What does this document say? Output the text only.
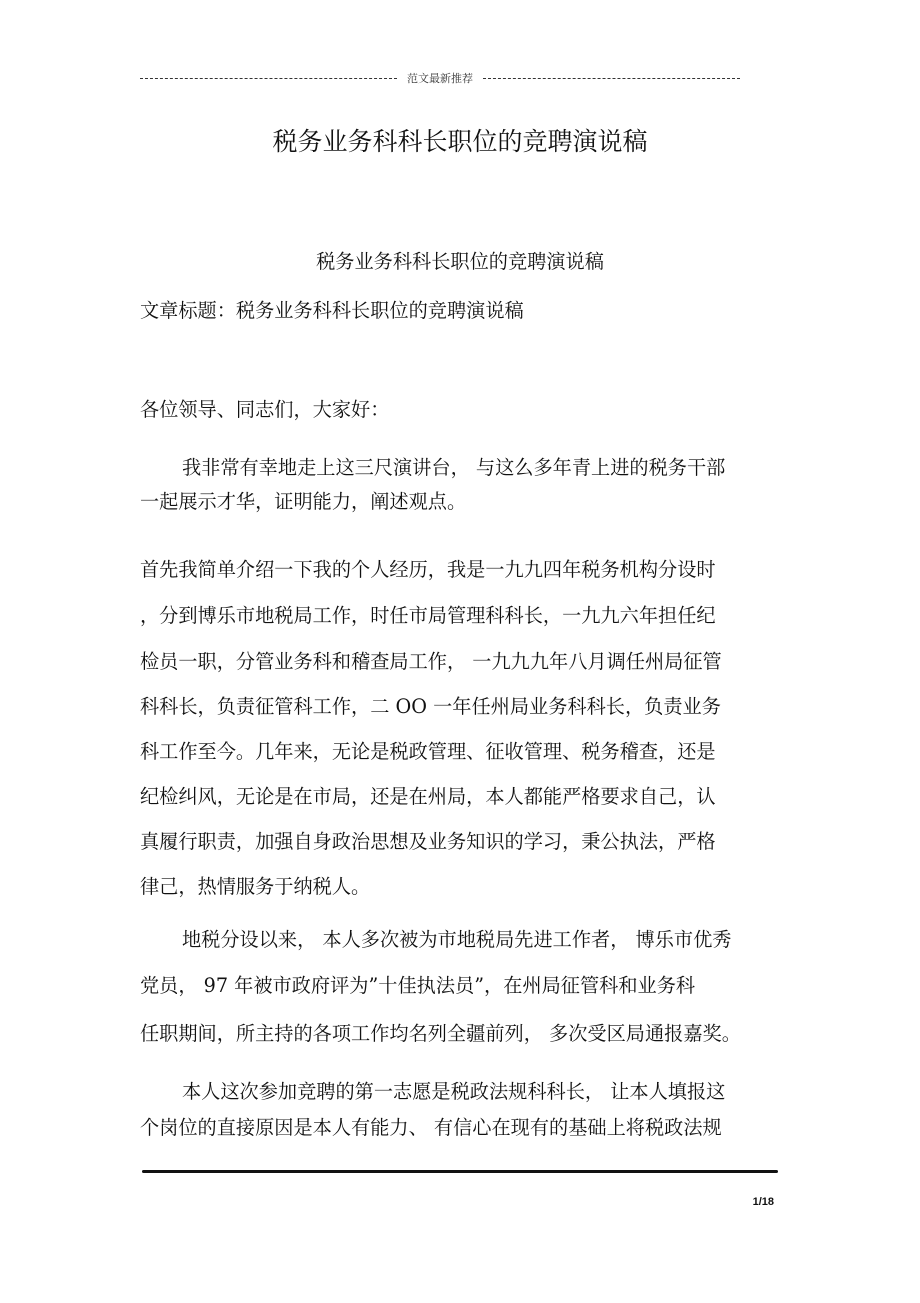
范文最新推荐
税务业务科科长职位的竞聘演说稿

税务业务科科长职位的竞聘演说稿

文章标题：税务业务科科长职位的竞聘演说稿

各位领导、同志们，大家好：

我非常有幸地走上这三尺演讲台， 与这么多年青上进的税务干部

一起展示才华，证明能力，阐述观点。

首先我简单介绍一下我的个人经历，我是一九九四年税务机构分设时

，分到博乐市地税局工作，时任市局管理科科长，一九九六年担任纪

检员一职，分管业务科和稽查局工作， 一九九九年八月调任州局征管

科科长，负责征管科工作，二 OO 一年任州局业务科科长，负责业务

科工作至今。几年来，无论是税政管理、征收管理、税务稽查，还是

纪检纠风，无论是在市局，还是在州局，本人都能严格要求自己，认

真履行职责，加强自身政治思想及业务知识的学习，秉公执法，严格

律己，热情服务于纳税人。

地税分设以来， 本人多次被为市地税局先进工作者， 博乐市优秀

党员， 97 年被市政府评为”十佳执法员”，在州局征管科和业务科

任职期间，所主持的各项工作均名列全疆前列， 多次受区局通报嘉奖。

本人这次参加竞聘的第一志愿是税政法规科科长， 让本人填报这

个岗位的直接原因是本人有能力、 有信心在现有的基础上将税政法规

1/18
